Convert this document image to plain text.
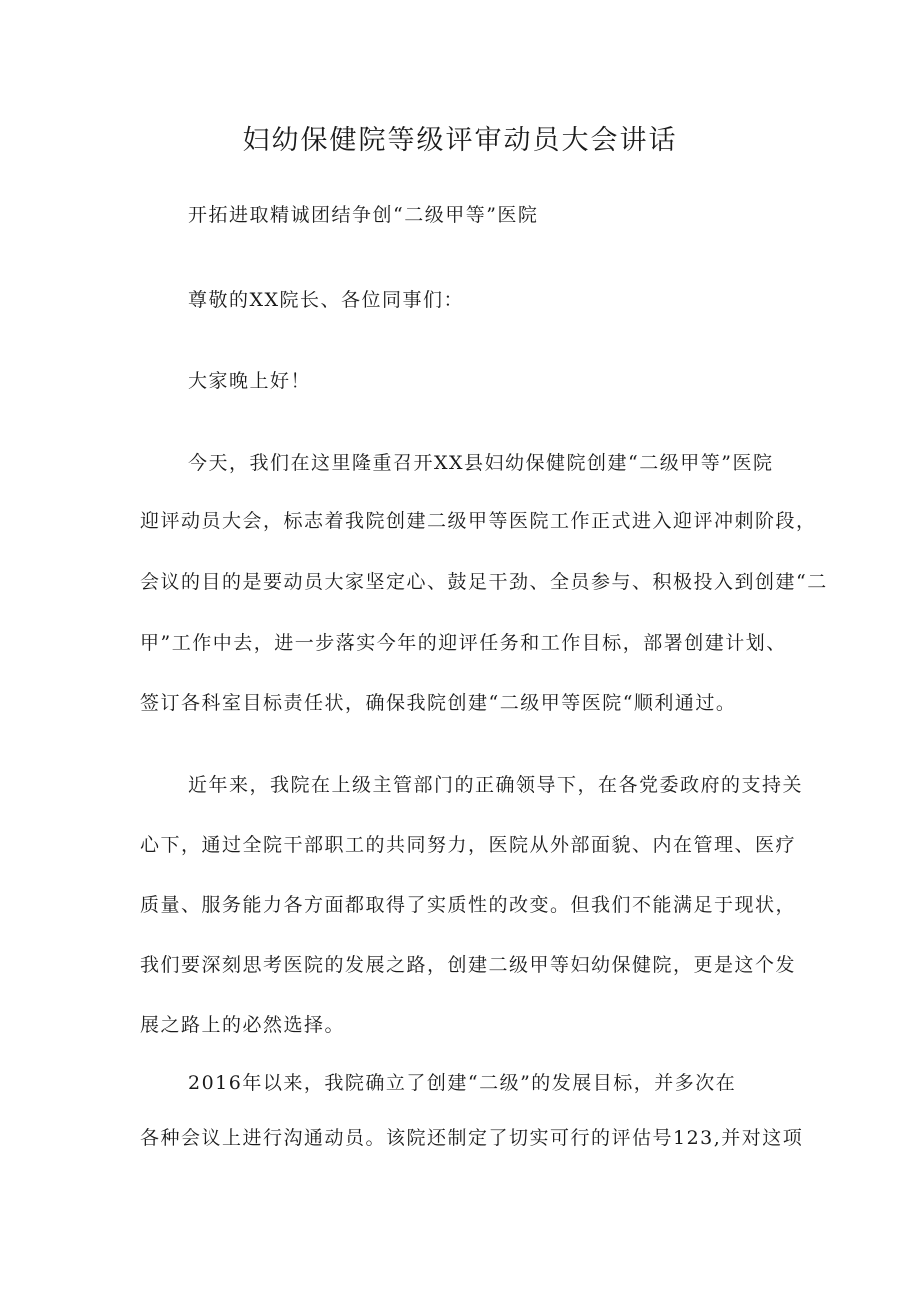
妇幼保健院等级评审动员大会讲话

开拓进取精诚团结争创“二级甲等”医院

尊敬的XX院长、各位同事们：

大家晚上好！

今天，我们在这里隆重召开XX县妇幼保健院创建“二级甲等”医院

迎评动员大会，标志着我院创建二级甲等医院工作正式进入迎评冲刺阶段，

会议的目的是要动员大家坚定心、鼓足干劲、全员参与、积极投入到创建“二

甲”工作中去，进一步落实今年的迎评任务和工作目标，部署创建计划、

签订各科室目标责任状，确保我院创建“二级甲等医院“顺利通过。

近年来，我院在上级主管部门的正确领导下，在各党委政府的支持关

心下，通过全院干部职工的共同努力，医院从外部面貌、内在管理、医疗

质量、服务能力各方面都取得了实质性的改变。但我们不能满足于现状，

我们要深刻思考医院的发展之路，创建二级甲等妇幼保健院，更是这个发

展之路上的必然选择。

2016年以来，我院确立了创建“二级”的发展目标，并多次在

各种会议上进行沟通动员。该院还制定了切实可行的评估号123,并对这项
